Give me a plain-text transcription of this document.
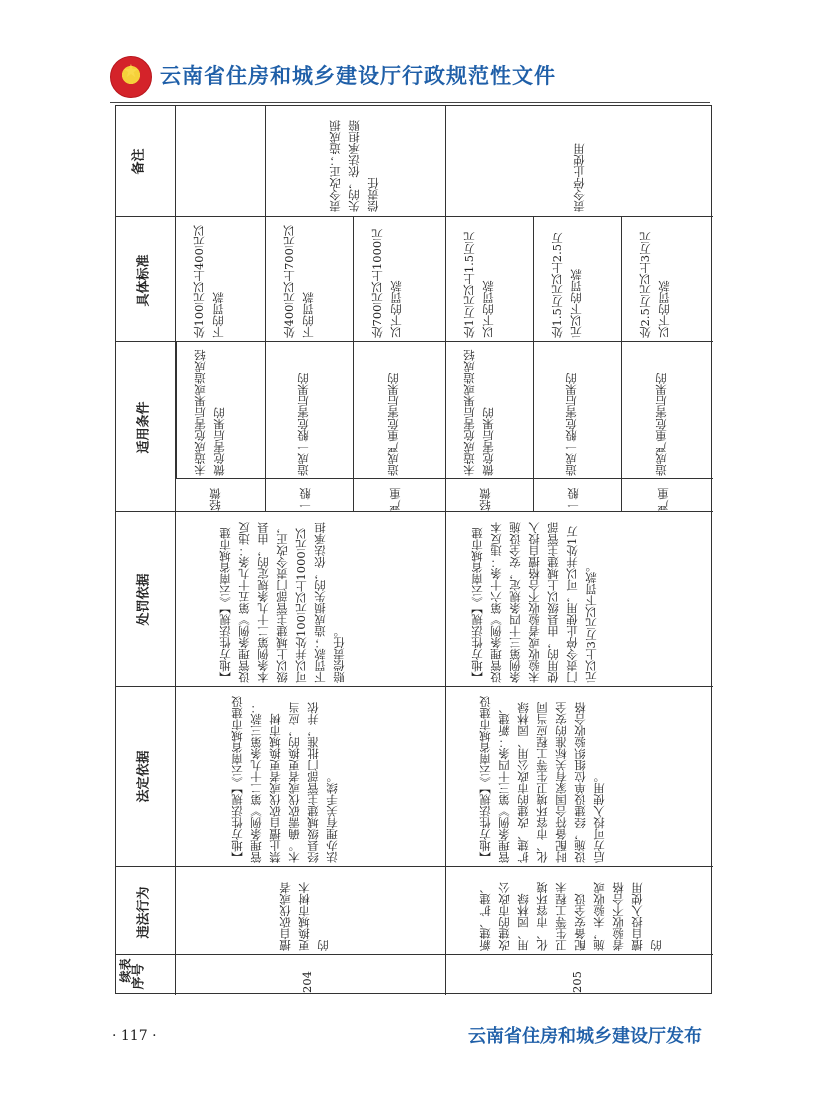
★
云南省住房和城乡建设厅行政规范性文件
续表 序号
违法行为
法定依据
处罚依据
适用条件
具体标准
备注
204
擅自砍伐或者更换城市树木的
【地方性法规】《云南省城市建设管理条例》第二十九条第三款：禁止擅自砍伐或者更换城市树木。确需砍伐或者更换的，应当经县级城建主管部门批准，并依法办理有关手续。
【地方性法规】《云南省城市建设管理条例》第五十九条：违反本条例第二十九条规定的，由县级以上城建主管部门责令改正，可以并处100元以上1000元以下罚款；造成损失的，依法承担赔偿责任。
轻微
未造成危害后果或造成轻微危害后果的
处100元以上400元以下的罚款
一般
造成一般危害后果的
处400元以上700元以下的罚款
严重
造成严重危害后果的
处700元以上1000元以下的罚款
责令改正；造成损失的，依法承担赔偿责任
205
新建、扩建、改建的市政公用、园林绿化、市容环境卫生等工程未配备安全设施，未验收或者验收不合格擅自投入使用的
【地方性法规】《云南省城市建设管理条例》第三十四条：新建、扩建、改建的市政公用、园林绿化、市容环境卫生等工程应当同时配备符合国家有关标准的安全设施，经建设单位组织验收合格后方可投入使用。
【地方性法规】《云南省城市建设管理条例》第六十条：违反本条例第三十四条规定，安全设施未验收或者验收不合格擅自投入使用的，由县级以上城建主管部门责令停止使用，可以并处1万元以上3万元以下罚款。
轻微
未造成危害后果或造成轻微危害后果的
处1万元以上1.5万元以下的罚款
一般
造成一般危害后果的
处1.5万元以上2.5万元以下的罚款
严重
造成严重危害后果的
处2.5万元以上3万元以下的罚款
责令停止使用
· 117 ·	云南省住房和城乡建设厅发布
